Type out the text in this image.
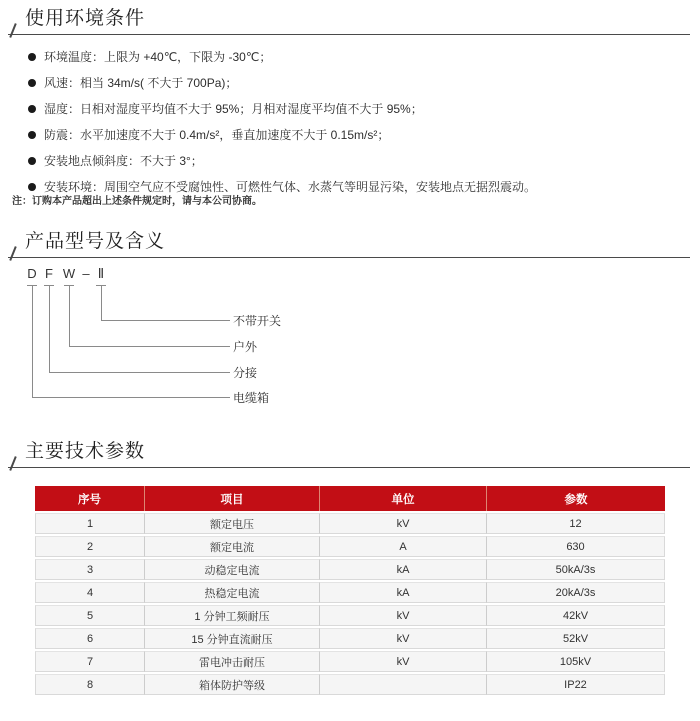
使用环境条件
环境温度：上限为 +40℃，下限为 -30℃；
风速：相当 34m/s( 不大于 700Pa)；
湿度：日相对湿度平均值不大于 95%；月相对湿度平均值不大于 95%；
防震：水平加速度不大于 0.4m/s²，垂直加速度不大于 0.15m/s²；
安装地点倾斜度：不大于 3°；
安装环境：周围空气应不受腐蚀性、可燃性气体、水蒸气等明显污染，安装地点无据烈震动。
注：订购本产品超出上述条件规定时，请与本公司协商。
产品型号及含义
D F W – Ⅱ
不带开关
户外
分接
电缆箱
主要技术参数
序号	项目	单位	参数
1	额定电压	kV	12
2	额定电流	A	630
3	动稳定电流	kA	50kA/3s
4	热稳定电流	kA	20kA/3s
5	1 分钟工频耐压	kV	42kV
6	15 分钟直流耐压	kV	52kV
7	雷电冲击耐压	kV	105kV
8	箱体防护等级		IP22
